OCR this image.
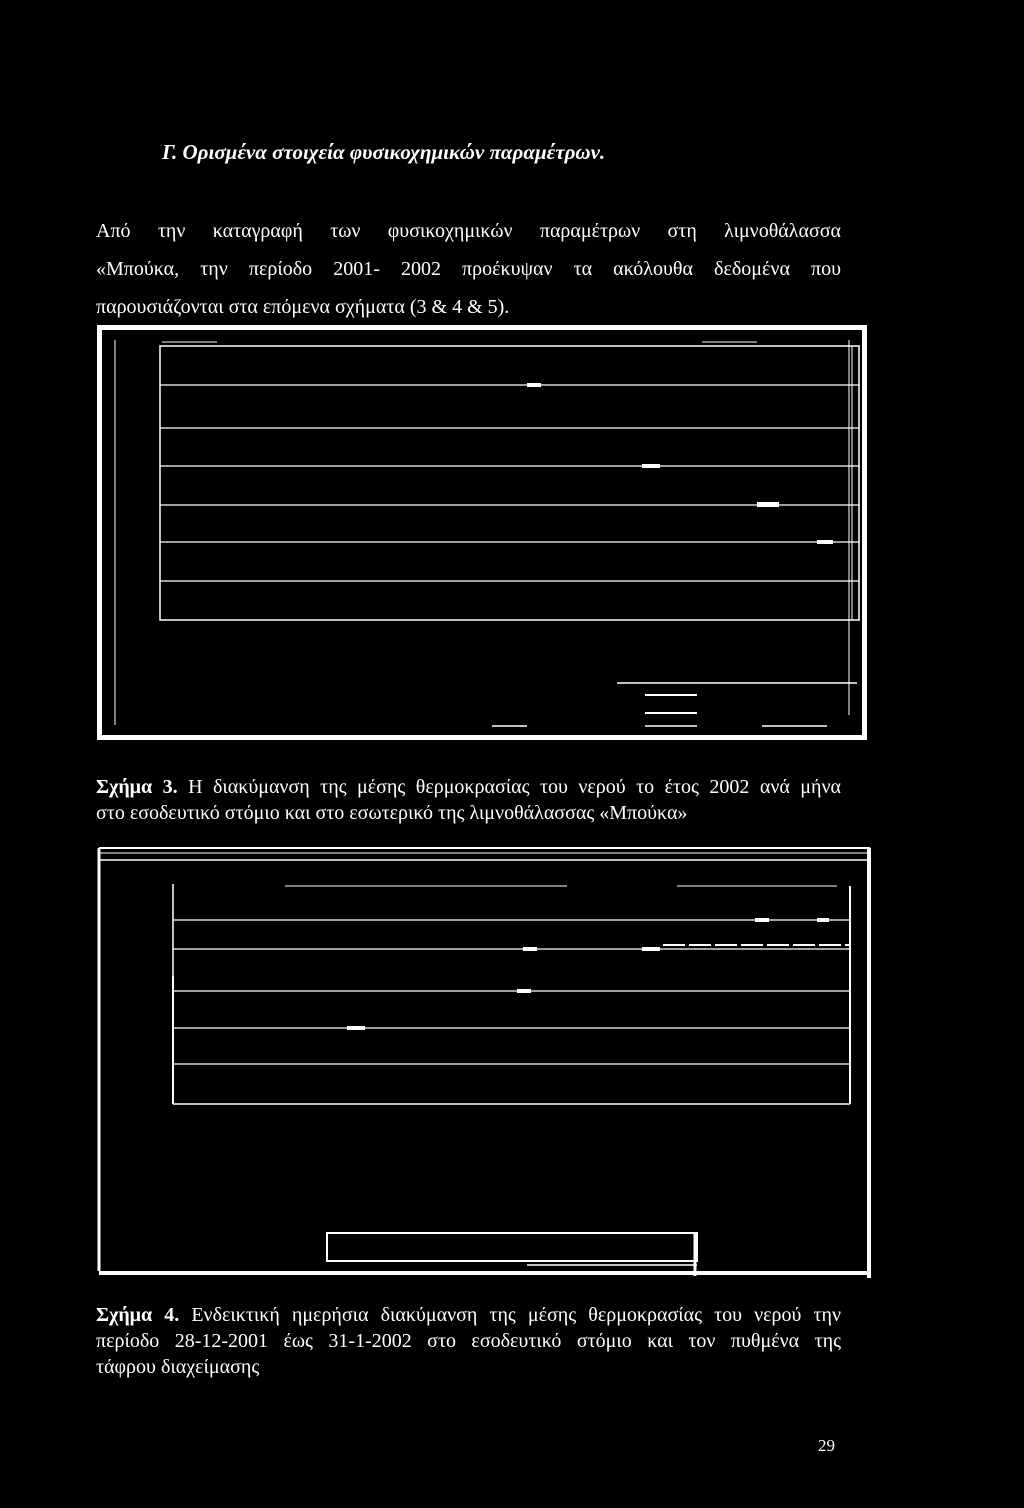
Γ. Ορισμένα στοιχεία φυσικοχημικών παραμέτρων.
Από την καταγραφή των φυσικοχημικών παραμέτρων στη λιμνοθάλασσα
«Μπούκα, την περίοδο 2001- 2002 προέκυψαν τα ακόλουθα δεδομένα που
παρουσιάζονται στα επόμενα σχήματα (3 & 4 & 5).
Σχήμα 3. Η διακύμανση της μέσης θερμοκρασίας του νερού το έτος 2002 ανά μήνα
στο εσοδευτικό στόμιο και στο εσωτερικό της λιμνοθάλασσας «Μπούκα»
Σχήμα 4. Ενδεικτική ημερήσια διακύμανση της μέσης θερμοκρασίας του νερού την
περίοδο 28-12-2001 έως 31-1-2002 στο εσοδευτικό στόμιο και τον πυθμένα της
τάφρου διαχείμασης
29
